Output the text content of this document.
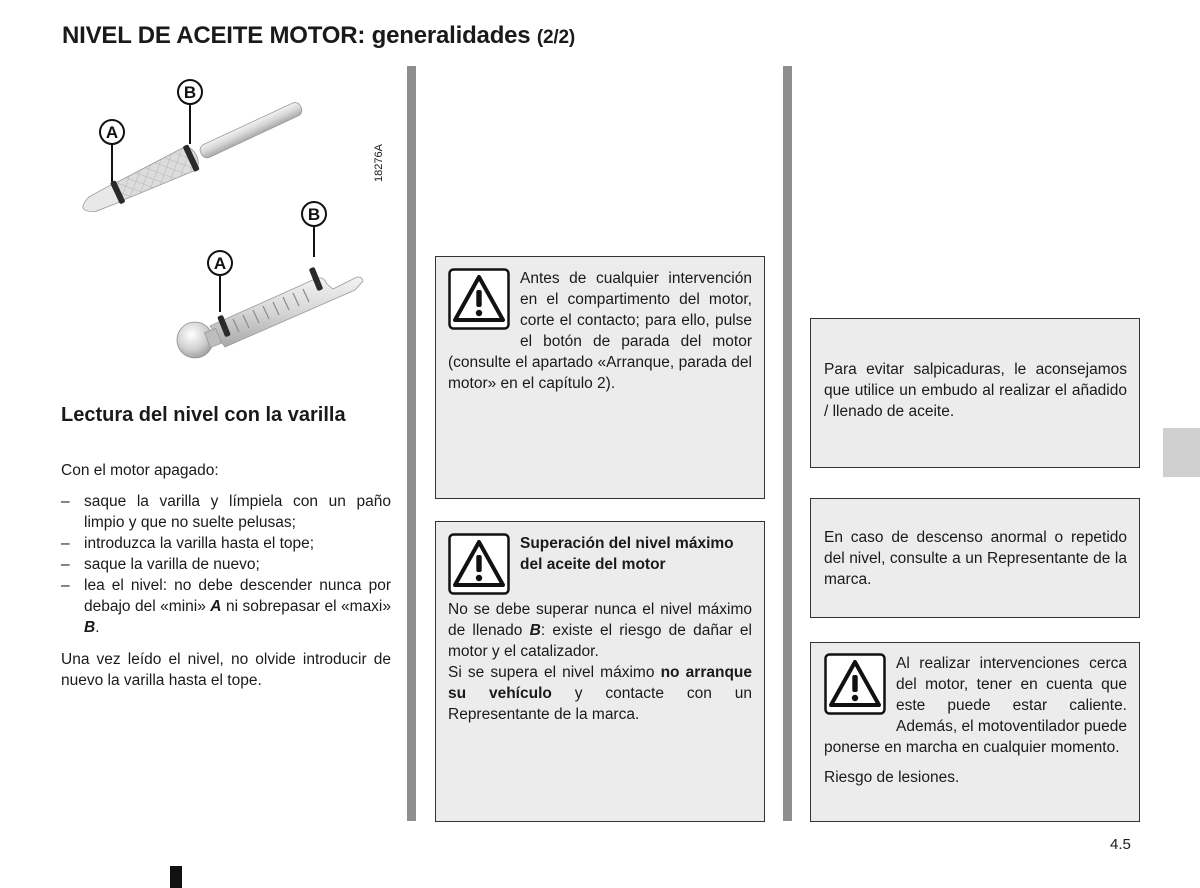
NIVEL DE ACEITE MOTOR: generalidades (2/2)
B
A
B
A
18276A
Lectura del nivel con la varilla

Con el motor apagado:

– saque la varilla y límpiela con un paño limpio y que no suelte pelusas;
– introduzca la varilla hasta el tope;
– saque la varilla de nuevo;
– lea el nivel: no debe descender nunca por debajo del «mini» A ni sobrepasar el «maxi» B.

Una vez leído el nivel, no olvide introducir de nuevo la varilla hasta el tope.

Antes de cualquier intervención en el compartimento del motor, corte el contacto; para ello, pulse el botón de parada del motor (consulte el apartado «Arranque, parada del motor» en el capítulo 2).
Superación del nivel máximo del aceite del motor
No se debe superar nunca el nivel máximo de llenado B: existe el riesgo de dañar el motor y el catalizador.
Si se supera el nivel máximo no arranque su vehículo y contacte con un Representante de la marca.
Para evitar salpicaduras, le aconsejamos que utilice un embudo al realizar el añadido / llenado de aceite.
En caso de descenso anormal o repetido del nivel, consulte a un Representante de la marca.
Al realizar intervenciones cerca del motor, tener en cuenta que este puede estar caliente. Además, el motoventilador puede ponerse en marcha en cualquier momento.
Riesgo de lesiones.
4.5
